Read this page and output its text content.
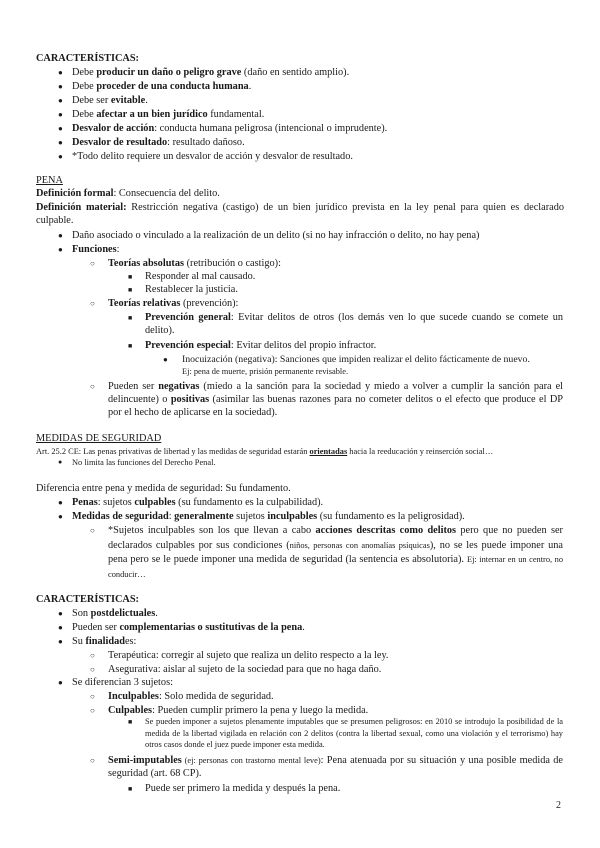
CARACTERÍSTICAS:
●
Debe producir un daño o peligro grave (daño en sentido amplio).
●
Debe proceder de una conducta humana.
●
Debe ser evitable.
●
Debe afectar a un bien jurídico fundamental.
●
Desvalor de acción: conducta humana peligrosa (intencional o imprudente).
●
Desvalor de resultado: resultado dañoso.
●
*Todo delito requiere un desvalor de acción y desvalor de resultado.
PENA
Definición formal: Consecuencia del delito.
Definición material: Restricción negativa (castigo) de un bien jurídico prevista en la ley penal para quien es declarado culpable.
●
Daño asociado o vinculado a la realización de un delito (si no hay infracción o delito, no hay pena)
●
Funciones:
○
Teorías absolutas (retribución o castigo):
■
Responder al mal causado.
■
Restablecer la justicia.
○
Teorías relativas (prevención):
■
Prevención general: Evitar delitos de otros (los demás ven lo que sucede cuando se comete un delito).
■
Prevención especial: Evitar delitos del propio infractor.
●
Inocuización (negativa): Sanciones que impiden realizar el delito fácticamente de nuevo.
Ej: pena de muerte, prisión permanente revisable.
○
Pueden ser negativas (miedo a la sanción para la sociedad y miedo a volver a cumplir la sanción para el delincuente) o positivas (asimilar las buenas razones para no cometer delitos o el efecto que produce el DP por el hecho de aplicarse en la sociedad).
MEDIDAS DE SEGURIDAD
Art. 25.2 CE: Las penas privativas de libertad y las medidas de seguridad estarán orientadas hacia la reeducación y reinserción social…
●
No limita las funciones del Derecho Penal.
Diferencia entre pena y medida de seguridad: Su fundamento.
●
Penas: sujetos culpables (su fundamento es la culpabilidad).
●
Medidas de seguridad: generalmente sujetos inculpables (su fundamento es la peligrosidad).
○
*Sujetos inculpables son los que llevan a cabo acciones descritas como delitos pero que no pueden ser declarados culpables por sus condiciones (niños, personas con anomalías psíquicas), no se les puede imponer una pena pero se le puede imponer una medida de seguridad (la sentencia es absolutoria). Ej: internar en un centro, no conducir…
CARACTERÍSTICAS:
●
Son postdelictuales.
●
Pueden ser complementarias o sustitutivas de la pena.
●
Su finalidades:
○
Terapéutica: corregir al sujeto que realiza un delito respecto a la ley.
○
Asegurativa: aislar al sujeto de la sociedad para que no haga daño.
●
Se diferencian 3 sujetos:
○
Inculpables: Solo medida de seguridad.
○
Culpables: Pueden cumplir primero la pena y luego la medida.
■
Se pueden imponer a sujetos plenamente imputables que se presumen peligrosos: en 2010 se introdujo la posibilidad de la medida de la libertad vigilada en relación con 2 delitos (contra la libertad sexual, como una violación y el terrorismo) hay otros casos donde el juez puede imponer esta medida.
○
Semi-imputables (ej: personas con trastorno mental leve): Pena atenuada por su situación y una posible medida de seguridad (art. 68 CP).
■
Puede ser primero la medida y después la pena.
2
